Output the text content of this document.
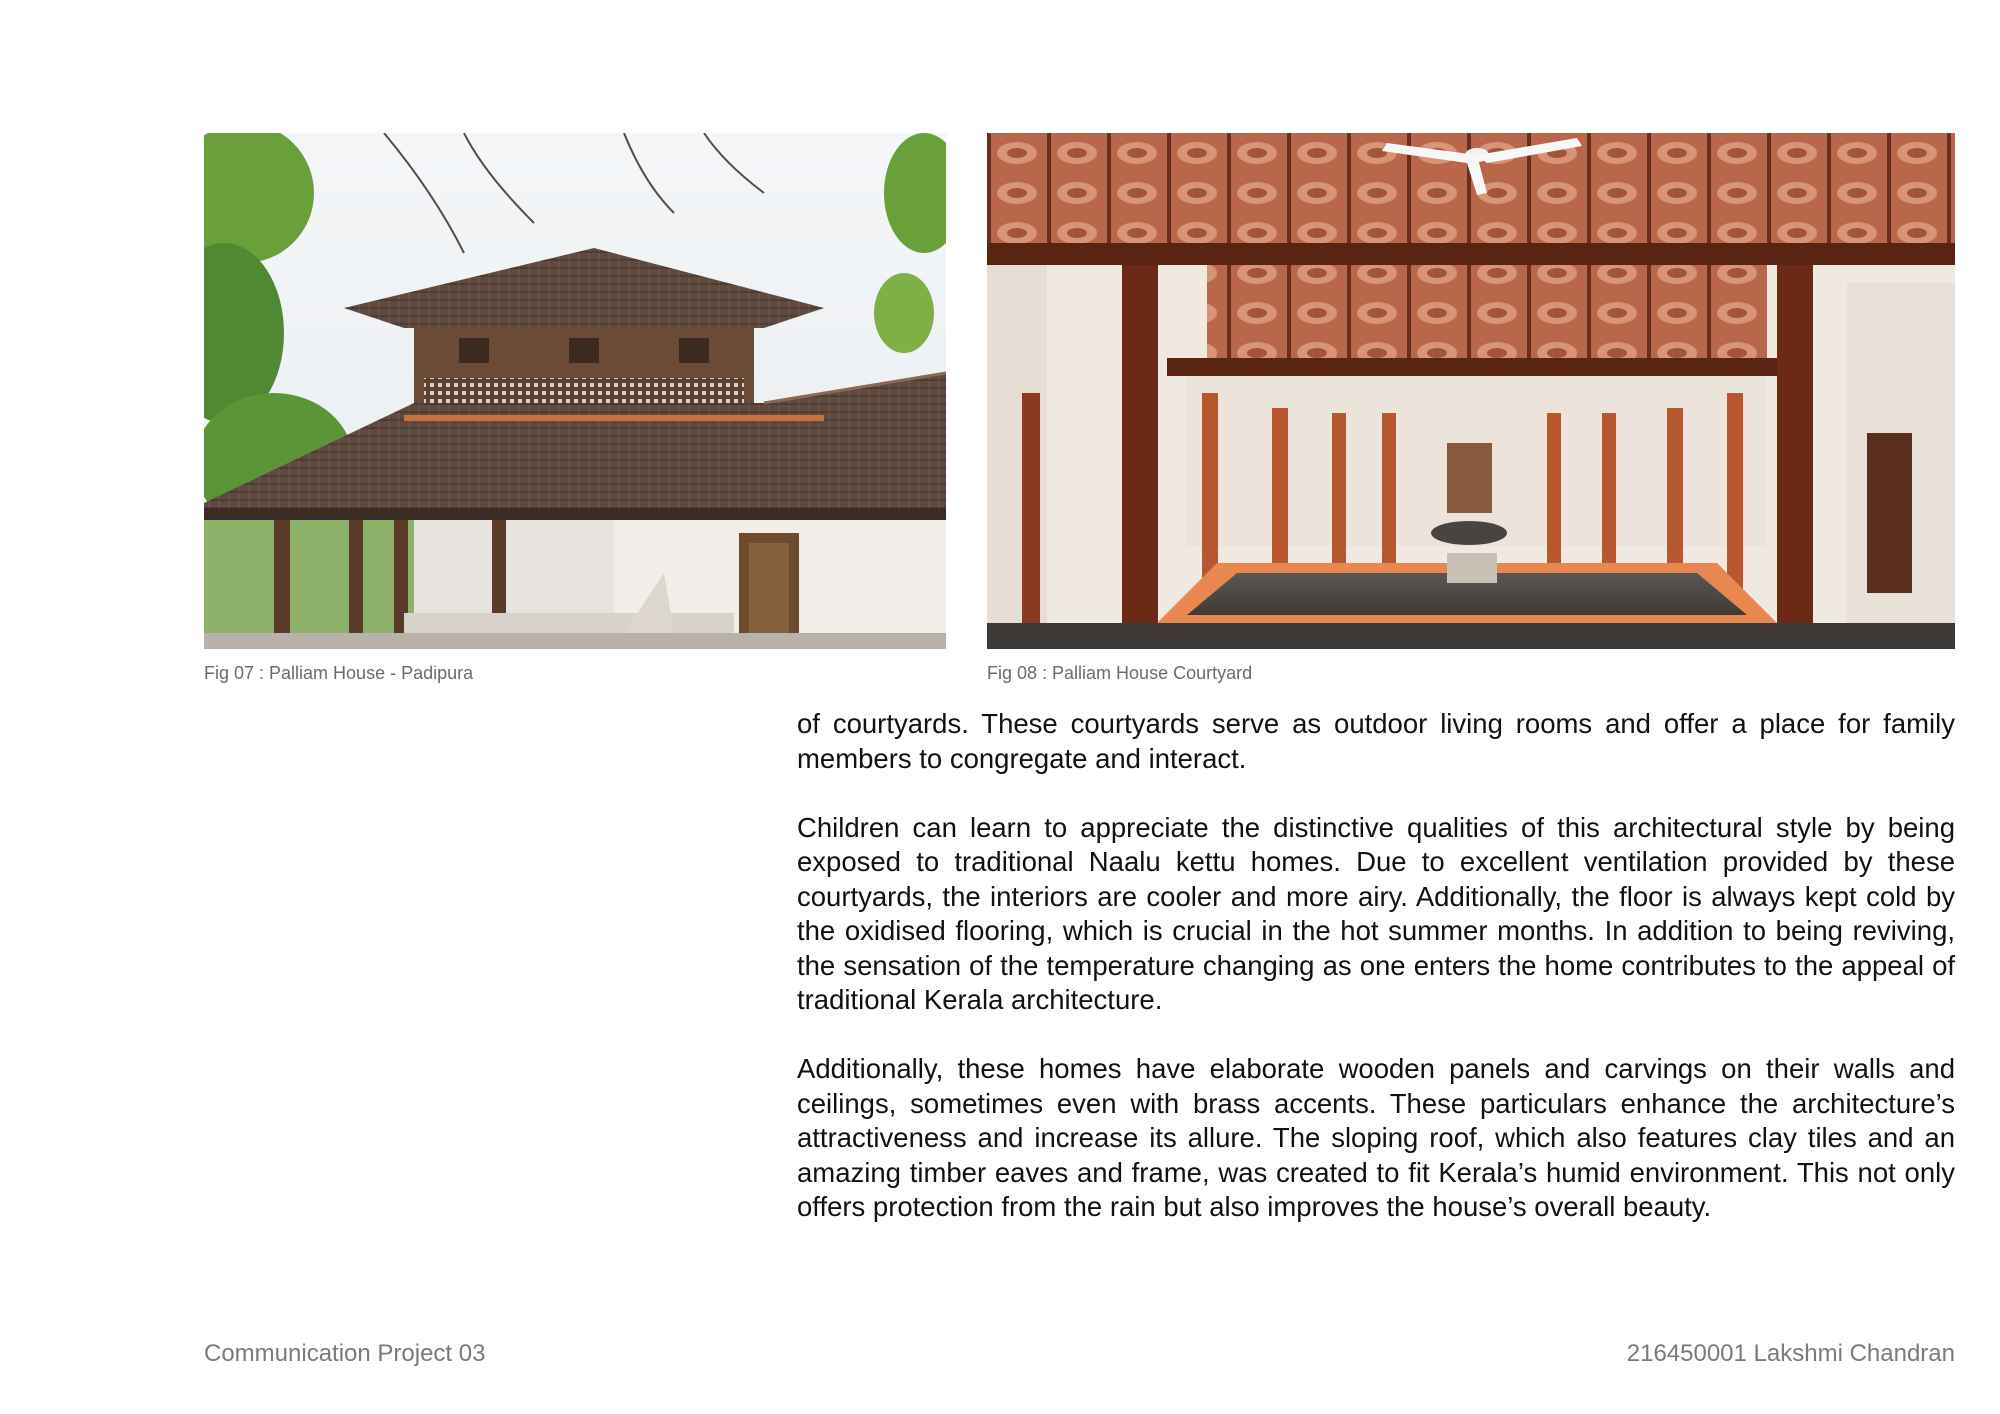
Fig 07 : Palliam House - Padipura	Fig 08 : Palliam House Courtyard

of courtyards. These courtyards serve as outdoor living rooms and offer a place for family members to congregate and interact.

Children can learn to appreciate the distinctive qualities of this architectural style by being exposed to traditional Naalu kettu homes. Due to excellent ventilation provided by these courtyards, the interiors are cooler and more airy. Additionally, the floor is always kept cold by the oxidised flooring, which is crucial in the hot summer months. In addition to being reviving, the sensation of the temperature changing as one enters the home contributes to the appeal of traditional Kerala architecture.

Additionally, these homes have elaborate wooden panels and carvings on their walls and ceilings, sometimes even with brass accents. These particulars enhance the architecture’s attractiveness and increase its allure. The sloping roof, which also features clay tiles and an amazing timber eaves and frame, was created to fit Kerala’s humid environment. This not only offers protection from the rain but also improves the house’s overall beauty.

Communication Project 03	216450001 Lakshmi Chandran
